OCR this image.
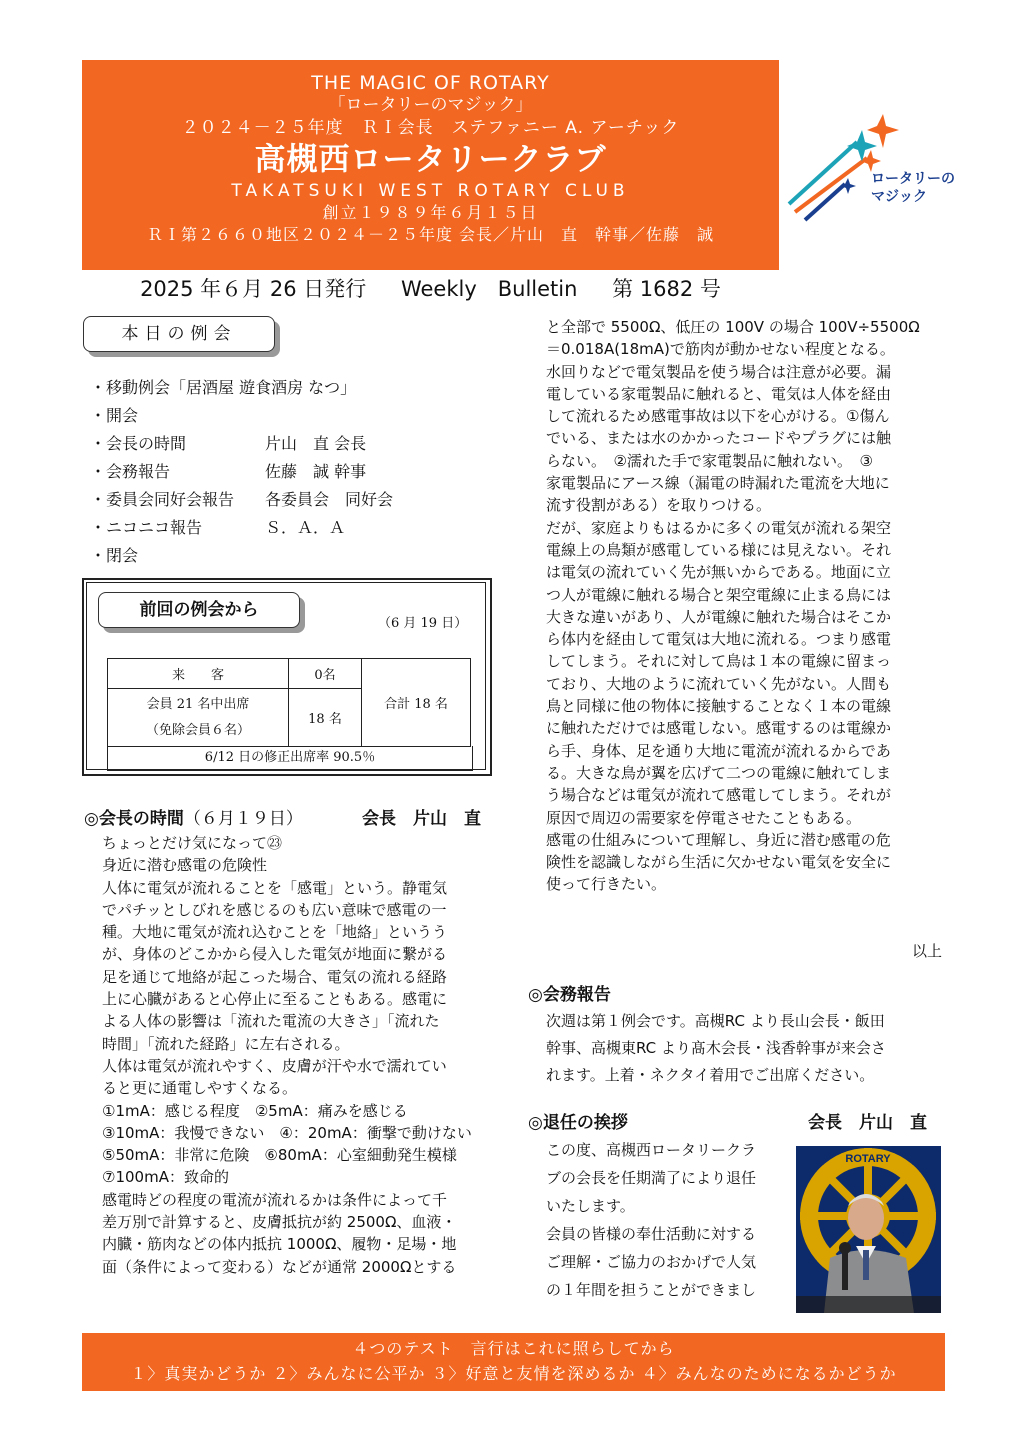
THE MAGIC OF ROTARY
「ロータリーのマジック」
２０２４－２５年度　ＲＩ会長　ステファニー A. アーチック
高槻西ロータリークラブ
TAKATSUKI WEST ROTARY CLUB
創立１９８９年６月１５日
ＲＩ第２６６０地区２０２４－２５年度 会長／片山　直　幹事／佐藤　誠
ロータリーの
マジック
2025 年６月 26 日発行 Weekly　Bulletin 第 1682 号
本日の例会
・移動例会「居酒屋 遊食酒房 なつ」
・開会
・会長の時間	片山　直 会長
・会務報告	佐藤　誠 幹事
・委員会同好会報告 各委員会　同好会
・ニコニコ報告	Ｓ．Ａ．Ａ
・閉会
前回の例会から
（6 月 19 日）
来　　客	0名	合計 18 名

会員 21 名中出席
（免除会員６名）	18 名	
6/12 日の修正出席率 90.5％
◎会長の時間（６月１９日）	会長　片山　直
ちょっとだけ気になって㉓
身近に潜む感電の危険性
人体に電気が流れることを「感電」という。静電気
でパチッとしびれを感じるのも広い意味で感電の一
種。大地に電気が流れ込むことを「地絡」というう
が、身体のどこかから侵入した電気が地面に繋がる
足を通じて地絡が起こった場合、電気の流れる経路
上に心臓があると心停止に至ることもある。感電に
よる人体の影響は「流れた電流の大きさ」「流れた
時間」「流れた経路」に左右される。
人体は電気が流れやすく、皮膚が汗や水で濡れてい
ると更に通電しやすくなる。
①1mA：感じる程度　②5mA：痛みを感じる
③10mA：我慢できない　④：20mA：衝撃で動けない
⑤50mA：非常に危険　⑥80mA：心室細動発生模様
⑦100mA：致命的
感電時どの程度の電流が流れるかは条件によって千
差万別で計算すると、皮膚抵抗が約 2500Ω、血液・
内臓・筋肉などの体内抵抗 1000Ω、履物・足場・地
面（条件によって変わる）などが通常 2000Ωとする
と全部で 5500Ω、低圧の 100V の場合 100V÷5500Ω
＝0.018A(18mA)で筋肉が動かせない程度となる。
水回りなどで電気製品を使う場合は注意が必要。漏
電している家電製品に触れると、電気は人体を経由
して流れるため感電事故は以下を心がける。①傷ん
でいる、または水のかかったコードやプラグには触
らない。　②濡れた手で家電製品に触れない。　③
家電製品にアース線（漏電の時漏れた電流を大地に
流す役割がある）を取りつける。
だが、家庭よりもはるかに多くの電気が流れる架空
電線上の鳥類が感電している様には見えない。それ
は電気の流れていく先が無いからである。地面に立
つ人が電線に触れる場合と架空電線に止まる鳥には
大きな違いがあり、人が電線に触れた場合はそこか
ら体内を経由して電気は大地に流れる。つまり感電
してしまう。それに対して鳥は１本の電線に留まっ
ており、大地のように流れていく先がない。人間も
鳥と同様に他の物体に接触することなく１本の電線
に触れただけでは感電しない。感電するのは電線か
ら手、身体、足を通り大地に電流が流れるからであ
る。大きな鳥が翼を広げて二つの電線に触れてしま
う場合などは電気が流れて感電してしまう。それが
原因で周辺の需要家を停電させたこともある。
感電の仕組みについて理解し、身近に潜む感電の危
険性を認識しながら生活に欠かせない電気を安全に
使って行きたい。
以上
◎会務報告
次週は第１例会です。高槻RC より長山会長・飯田
幹事、高槻東RC より髙木会長・浅香幹事が来会さ
れます。上着・ネクタイ着用でご出席ください。
◎退任の挨拶	会長　片山　直
この度、高槻西ロータリークラ
ブの会長を任期満了により退任
いたします。
会員の皆様の奉仕活動に対する
ご理解・ご協力のおかげで人気
の１年間を担うことができまし
ROTARY
４つのテスト　言行はこれに照らしてから
１〉真実かどうか ２〉みんなに公平か ３〉好意と友情を深めるか ４〉みんなのためになるかどうか
